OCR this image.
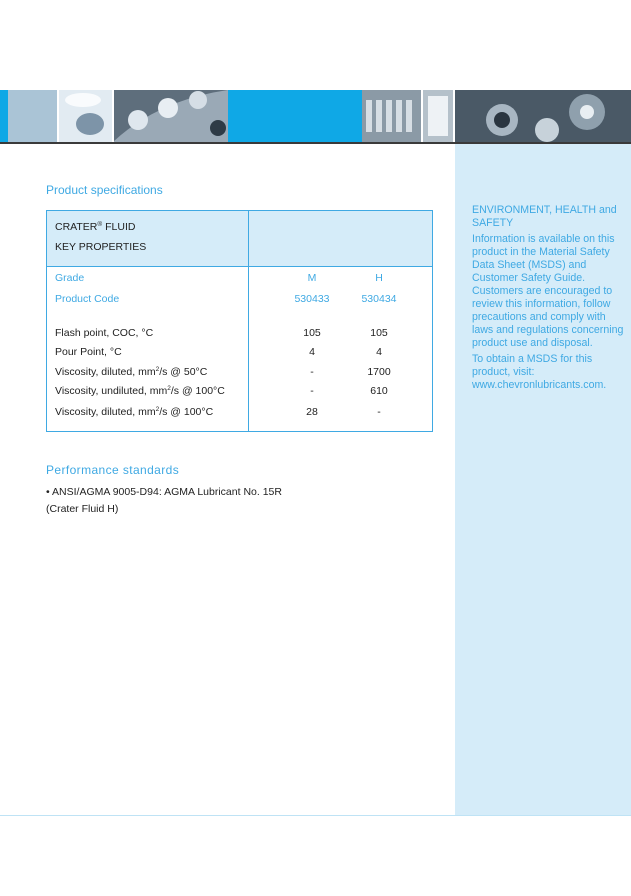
ENVIRONMENT, HEALTH and SAFETY

Information is available on this product in the Material Safety Data Sheet (MSDS) and Customer Safety Guide. Customers are encouraged to review this information, follow precautions and comply with laws and regulations concerning product use and disposal.

To obtain a MSDS for this product, visit: www.chevronlubricants.com.

Product specifications
CRATER® FLUID
KEY PROPERTIES
Grade	M	H
Product Code	530433	530434
Flash point, COC, °C	105	105
Pour Point, °C	4	4
Viscosity, diluted, $mm^2/s$ @ 50°C	-	1700
Viscosity, undiluted, $mm^2/s$ @ 100°C	-	610
Viscosity, diluted, $mm^2/s$ @ 100°C	28	-
Performance standards
• ANSI/AGMA 9005-D94: AGMA Lubricant No. 15R
(Crater Fluid H)
